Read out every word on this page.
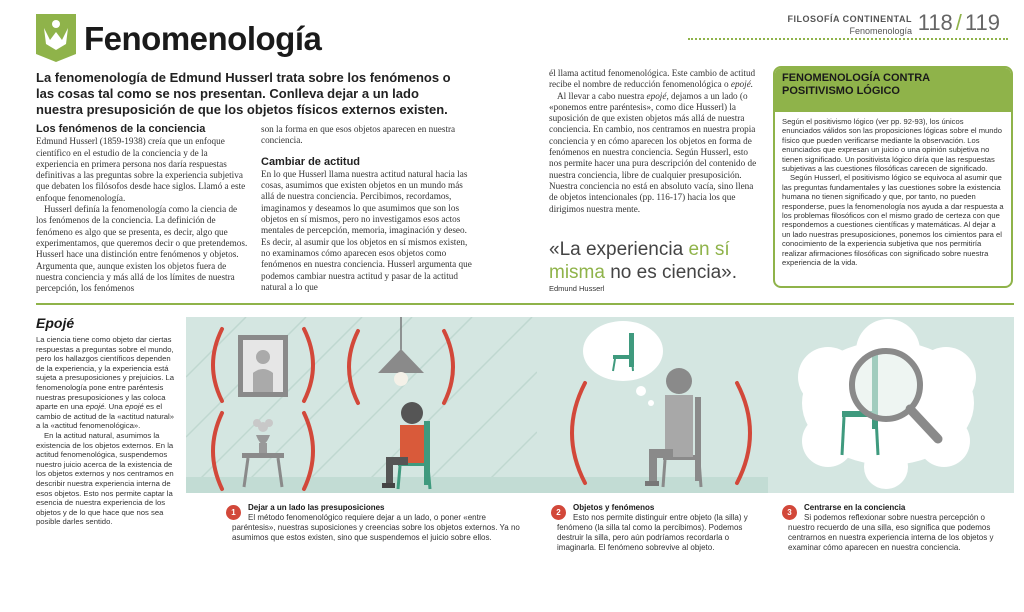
Fenomenología
FILOSOFÍA CONTINENTAL
Fenomenología 118 / 119
La fenomenología de Edmund Husserl trata sobre los fenómenos o las cosas tal como se nos presentan. Conlleva dejar a un lado nuestra presuposición de que los objetos físicos externos existen.
Los fenómenos de la conciencia

Edmund Husserl (1859-1938) creía que un enfoque científico en el estudio de la conciencia y de la experiencia en primera persona nos daría respuestas definitivas a las preguntas sobre la experiencia subjetiva que debaten los filósofos desde hace siglos. Llamó a este enfoque fenomenología.

Husserl definía la fenomenología como la ciencia de los fenómenos de la conciencia. La definición de fenómeno es algo que se presenta, es decir, algo que experimentamos, que queremos decir o que pretendemos. Husserl hace una distinción entre fenómenos y objetos. Argumenta que, aunque existen los objetos fuera de nuestra conciencia y más allá de los límites de nuestra percepción, los fenómenos

son la forma en que esos objetos aparecen en nuestra conciencia.

Cambiar de actitud

En lo que Husserl llama nuestra actitud natural hacia las cosas, asumimos que existen objetos en un mundo más allá de nuestra conciencia. Percibimos, recordamos, imaginamos y deseamos lo que asumimos que son los objetos en sí mismos, pero no investigamos esos actos mentales de percepción, memoria, imaginación y deseo. Es decir, al asumir que los objetos en sí mismos existen, no examinamos cómo aparecen esos objetos como fenómenos en nuestra conciencia. Husserl argumenta que podemos cambiar nuestra actitud y pasar de la actitud natural a lo que

él llama actitud fenomenológica. Este cambio de actitud recibe el nombre de reducción fenomenológica o epojé.

Al llevar a cabo nuestra epojé, dejamos a un lado (o «ponemos entre paréntesis», como dice Husserl) la suposición de que existen objetos más allá de nuestra conciencia. En cambio, nos centramos en nuestra propia conciencia y en cómo aparecen los objetos en forma de fenómenos en nuestra conciencia. Según Husserl, esto nos permite hacer una pura descripción del contenido de nuestra conciencia, libre de cualquier presuposición. Nuestra conciencia no está en absoluto vacía, sino llena de objetos intencionales (pp. 116-17) hacia los que dirigimos nuestra mente.

«La experiencia en sí misma no es ciencia».
Edmund Husserl
FENOMENOLOGÍA CONTRA
POSITIVISMO LÓGICO

Según el positivismo lógico (ver pp. 92-93), los únicos enunciados válidos son las proposiciones lógicas sobre el mundo físico que pueden verificarse mediante la observación. Los enunciados que expresan un juicio o una opinión subjetiva no tienen significado. Un positivista lógico diría que las respuestas subjetivas a las cuestiones filosóficas carecen de significado.

Según Husserl, el positivismo lógico se equivoca al asumir que las preguntas fundamentales y las cuestiones sobre la existencia humana no tienen significado y que, por tanto, no pueden responderse, pues la fenomenología nos ayuda a dar respuesta a los problemas filosóficos con el mismo grado de certeza con que respondemos a cuestiones científicas y matemáticas. Al dejar a un lado nuestras presuposiciones, ponemos los cimientos para el conocimiento de la experiencia subjetiva que nos permitiría realizar afirmaciones filosóficas con significado sobre nuestra experiencia de la vida.

Epojé

La ciencia tiene como objeto dar ciertas respuestas a preguntas sobre el mundo, pero los hallazgos científicos dependen de la experiencia, y la experiencia está sujeta a presuposiciones y prejuicios. La fenomenología pone entre paréntesis nuestras presuposiciones y las coloca aparte en una epojé. Una epojé es el cambio de actitud de la «actitud natural» a la «actitud fenomenológica».

En la actitud natural, asumimos la existencia de los objetos externos. En la actitud fenomenológica, suspendemos nuestro juicio acerca de la existencia de los objetos externos y nos centramos en describir nuestra experiencia interna de esos objetos. Esto nos permite captar la esencia de nuestra experiencia de los objetos y de lo que hace que nos sea posible darles sentido.

1
Dejar a un lado las presuposiciones
El método fenomenológico requiere dejar a un lado, o poner «entre paréntesis», nuestras suposiciones y creencias sobre los objetos externos. Ya no asumimos que estos existen, sino que suspendemos el juicio sobre ellos.
2
Objetos y fenómenos
Esto nos permite distinguir entre objeto (la silla) y fenómeno (la silla tal como la percibimos). Podemos destruir la silla, pero aún podríamos recordarla o imaginarla. El fenómeno sobrevive al objeto.
3
Centrarse en la conciencia
Si podemos reflexionar sobre nuestra percepción o nuestro recuerdo de una silla, eso significa que podemos centrarnos en nuestra experiencia interna de los objetos y examinar cómo aparecen en nuestra conciencia.
